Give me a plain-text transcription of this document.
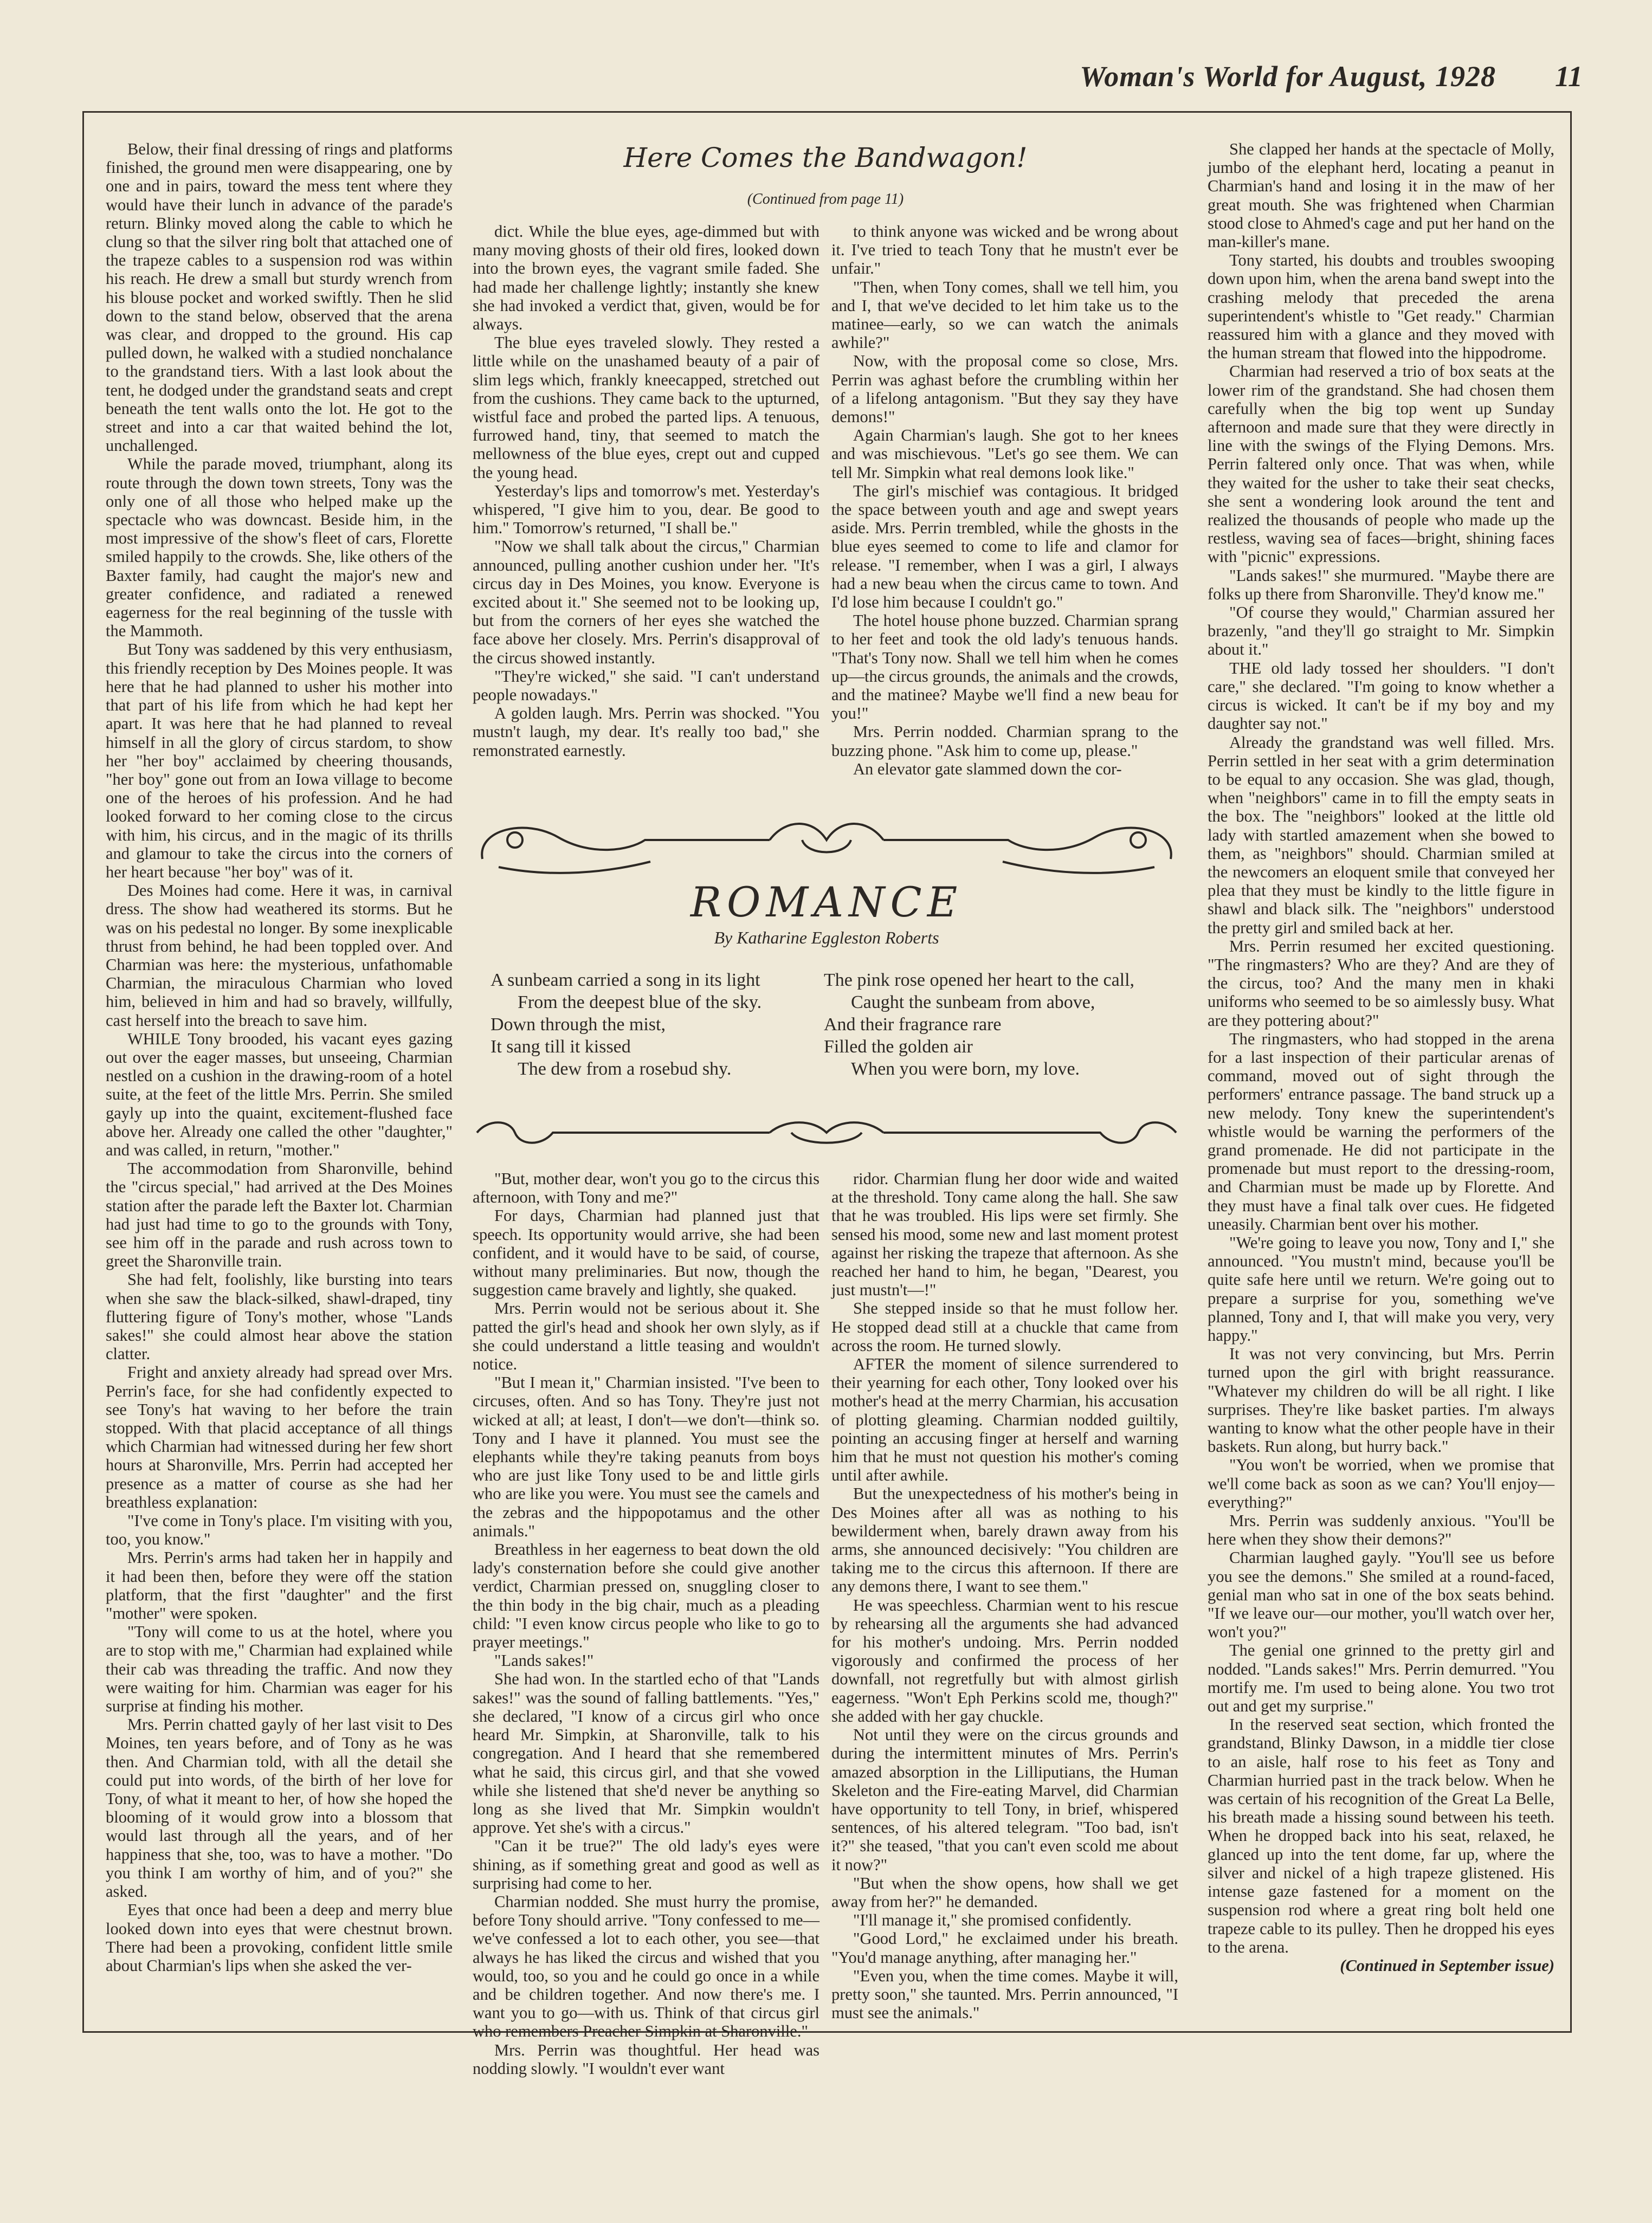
Woman's World for August, 1928 11
Here Comes the Bandwagon!
(Continued from page 11)

Below, their final dressing of rings and platforms finished, the ground men were disappearing, one by one and in pairs, toward the mess tent where they would have their lunch in advance of the parade's return. Blinky moved along the cable to which he clung so that the silver ring bolt that attached one of the trapeze cables to a suspension rod was within his reach. He drew a small but sturdy wrench from his blouse pocket and worked swiftly. Then he slid down to the stand below, observed that the arena was clear, and dropped to the ground. His cap pulled down, he walked with a studied nonchalance to the grandstand tiers. With a last look about the tent, he dodged under the grandstand seats and crept beneath the tent walls onto the lot. He got to the street and into a car that waited behind the lot, unchallenged.

While the parade moved, triumphant, along its route through the down town streets, Tony was the only one of all those who helped make up the spectacle who was downcast. Beside him, in the most impressive of the show's fleet of cars, Florette smiled happily to the crowds. She, like others of the Baxter family, had caught the major's new and greater confidence, and radiated a renewed eagerness for the real beginning of the tussle with the Mammoth.

But Tony was saddened by this very enthusiasm, this friendly reception by Des Moines people. It was here that he had planned to usher his mother into that part of his life from which he had kept her apart. It was here that he had planned to reveal himself in all the glory of circus stardom, to show her "her boy" acclaimed by cheering thousands, "her boy" gone out from an Iowa village to become one of the heroes of his profession. And he had looked forward to her coming close to the circus with him, his circus, and in the magic of its thrills and glamour to take the circus into the corners of her heart because "her boy" was of it.

Des Moines had come. Here it was, in carnival dress. The show had weathered its storms. But he was on his pedestal no longer. By some inexplicable thrust from behind, he had been toppled over. And Charmian was here: the mysterious, unfathomable Charmian, the miraculous Charmian who loved him, believed in him and had so bravely, willfully, cast herself into the breach to save him.

WHILE Tony brooded, his vacant eyes gazing out over the eager masses, but unseeing, Charmian nestled on a cushion in the drawing-room of a hotel suite, at the feet of the little Mrs. Perrin. She smiled gayly up into the quaint, excitement-flushed face above her. Already one called the other "daughter," and was called, in return, "mother."

The accommodation from Sharonville, behind the "circus special," had arrived at the Des Moines station after the parade left the Baxter lot. Charmian had just had time to go to the grounds with Tony, see him off in the parade and rush across town to greet the Sharonville train.

She had felt, foolishly, like bursting into tears when she saw the black-silked, shawl-draped, tiny fluttering figure of Tony's mother, whose "Lands sakes!" she could almost hear above the station clatter.

Fright and anxiety already had spread over Mrs. Perrin's face, for she had confidently expected to see Tony's hat waving to her before the train stopped. With that placid acceptance of all things which Charmian had witnessed during her few short hours at Sharonville, Mrs. Perrin had accepted her presence as a matter of course as she had her breathless explanation:

"I've come in Tony's place. I'm visiting with you, too, you know."

Mrs. Perrin's arms had taken her in happily and it had been then, before they were off the station platform, that the first "daughter" and the first "mother" were spoken.

"Tony will come to us at the hotel, where you are to stop with me," Charmian had explained while their cab was threading the traffic. And now they were waiting for him. Charmian was eager for his surprise at finding his mother.

Mrs. Perrin chatted gayly of her last visit to Des Moines, ten years before, and of Tony as he was then. And Charmian told, with all the detail she could put into words, of the birth of her love for Tony, of what it meant to her, of how she hoped the blooming of it would grow into a blossom that would last through all the years, and of her happiness that she, too, was to have a mother. "Do you think I am worthy of him, and of you?" she asked.

Eyes that once had been a deep and merry blue looked down into eyes that were chestnut brown. There had been a provoking, confident little smile about Charmian's lips when she asked the ver-

dict. While the blue eyes, age-dimmed but with many moving ghosts of their old fires, looked down into the brown eyes, the vagrant smile faded. She had made her challenge lightly; instantly she knew she had invoked a verdict that, given, would be for always.

The blue eyes traveled slowly. They rested a little while on the unashamed beauty of a pair of slim legs which, frankly kneecapped, stretched out from the cushions. They came back to the upturned, wistful face and probed the parted lips. A tenuous, furrowed hand, tiny, that seemed to match the mellowness of the blue eyes, crept out and cupped the young head.

Yesterday's lips and tomorrow's met. Yesterday's whispered, "I give him to you, dear. Be good to him." Tomorrow's returned, "I shall be."

"Now we shall talk about the circus," Charmian announced, pulling another cushion under her. "It's circus day in Des Moines, you know. Everyone is excited about it." She seemed not to be looking up, but from the corners of her eyes she watched the face above her closely. Mrs. Perrin's disapproval of the circus showed instantly.

"They're wicked," she said. "I can't understand people nowadays."

A golden laugh. Mrs. Perrin was shocked. "You mustn't laugh, my dear. It's really too bad," she remonstrated earnestly.

to think anyone was wicked and be wrong about it. I've tried to teach Tony that he mustn't ever be unfair."

"Then, when Tony comes, shall we tell him, you and I, that we've decided to let him take us to the matinee—early, so we can watch the animals awhile?"

Now, with the proposal come so close, Mrs. Perrin was aghast before the crumbling within her of a lifelong antagonism. "But they say they have demons!"

Again Charmian's laugh. She got to her knees and was mischievous. "Let's go see them. We can tell Mr. Simpkin what real demons look like."

The girl's mischief was contagious. It bridged the space between youth and age and swept years aside. Mrs. Perrin trembled, while the ghosts in the blue eyes seemed to come to life and clamor for release. "I remember, when I was a girl, I always had a new beau when the circus came to town. And I'd lose him because I couldn't go."

The hotel house phone buzzed. Charmian sprang to her feet and took the old lady's tenuous hands. "That's Tony now. Shall we tell him when he comes up—the circus grounds, the animals and the crowds, and the matinee? Maybe we'll find a new beau for you!"

Mrs. Perrin nodded. Charmian sprang to the buzzing phone. "Ask him to come up, please."

An elevator gate slammed down the cor-

She clapped her hands at the spectacle of Molly, jumbo of the elephant herd, locating a peanut in Charmian's hand and losing it in the maw of her great mouth. She was frightened when Charmian stood close to Ahmed's cage and put her hand on the man-killer's mane.

Tony started, his doubts and troubles swooping down upon him, when the arena band swept into the crashing melody that preceded the arena superintendent's whistle to "Get ready." Charmian reassured him with a glance and they moved with the human stream that flowed into the hippodrome.

Charmian had reserved a trio of box seats at the lower rim of the grandstand. She had chosen them carefully when the big top went up Sunday afternoon and made sure that they were directly in line with the swings of the Flying Demons. Mrs. Perrin faltered only once. That was when, while they waited for the usher to take their seat checks, she sent a wondering look around the tent and realized the thousands of people who made up the restless, waving sea of faces—bright, shining faces with "picnic" expressions.

"Lands sakes!" she murmured. "Maybe there are folks up there from Sharonville. They'd know me."

"Of course they would," Charmian assured her brazenly, "and they'll go straight to Mr. Simpkin about it."

THE old lady tossed her shoulders. "I don't care," she declared. "I'm going to know whether a circus is wicked. It can't be if my boy and my daughter say not."

Already the grandstand was well filled. Mrs. Perrin settled in her seat with a grim determination to be equal to any occasion. She was glad, though, when "neighbors" came in to fill the empty seats in the box. The "neighbors" looked at the little old lady with startled amazement when she bowed to them, as "neighbors" should. Charmian smiled at the newcomers an eloquent smile that conveyed her plea that they must be kindly to the little figure in shawl and black silk. The "neighbors" understood the pretty girl and smiled back at her.

Mrs. Perrin resumed her excited questioning. "The ringmasters? Who are they? And are they of the circus, too? And the many men in khaki uniforms who seemed to be so aimlessly busy. What are they pottering about?"

The ringmasters, who had stopped in the arena for a last inspection of their particular arenas of command, moved out of sight through the performers' entrance passage. The band struck up a new melody. Tony knew the superintendent's whistle would be warning the performers of the grand promenade. He did not participate in the promenade but must report to the dressing-room, and Charmian must be made up by Florette. And they must have a final talk over cues. He fidgeted uneasily. Charmian bent over his mother.

"We're going to leave you now, Tony and I," she announced. "You mustn't mind, because you'll be quite safe here until we return. We're going out to prepare a surprise for you, something we've planned, Tony and I, that will make you very, very happy."

It was not very convincing, but Mrs. Perrin turned upon the girl with bright reassurance. "Whatever my children do will be all right. I like surprises. They're like basket parties. I'm always wanting to know what the other people have in their baskets. Run along, but hurry back."

"You won't be worried, when we promise that we'll come back as soon as we can? You'll enjoy—everything?"

Mrs. Perrin was suddenly anxious. "You'll be here when they show their demons?"

Charmian laughed gayly. "You'll see us before you see the demons." She smiled at a round-faced, genial man who sat in one of the box seats behind. "If we leave our—our mother, you'll watch over her, won't you?"

The genial one grinned to the pretty girl and nodded. "Lands sakes!" Mrs. Perrin demurred. "You mortify me. I'm used to being alone. You two trot out and get my surprise."

In the reserved seat section, which fronted the grandstand, Blinky Dawson, in a middle tier close to an aisle, half rose to his feet as Tony and Charmian hurried past in the track below. When he was certain of his recognition of the Great La Belle, his breath made a hissing sound between his teeth. When he dropped back into his seat, relaxed, he glanced up into the tent dome, far up, where the silver and nickel of a high trapeze glistened. His intense gaze fastened for a moment on the suspension rod where a great ring bolt held one trapeze cable to its pulley. Then he dropped his eyes to the arena.

(Continued in September issue)

"But, mother dear, won't you go to the circus this afternoon, with Tony and me?"

For days, Charmian had planned just that speech. Its opportunity would arrive, she had been confident, and it would have to be said, of course, without many preliminaries. But now, though the suggestion came bravely and lightly, she quaked.

Mrs. Perrin would not be serious about it. She patted the girl's head and shook her own slyly, as if she could understand a little teasing and wouldn't notice.

"But I mean it," Charmian insisted. "I've been to circuses, often. And so has Tony. They're just not wicked at all; at least, I don't—we don't—think so. Tony and I have it planned. You must see the elephants while they're taking peanuts from boys who are just like Tony used to be and little girls who are like you were. You must see the camels and the zebras and the hippopotamus and the other animals."

Breathless in her eagerness to beat down the old lady's consternation before she could give another verdict, Charmian pressed on, snuggling closer to the thin body in the big chair, much as a pleading child: "I even know circus people who like to go to prayer meetings."

"Lands sakes!"

She had won. In the startled echo of that "Lands sakes!" was the sound of falling battlements. "Yes," she declared, "I know of a circus girl who once heard Mr. Simpkin, at Sharonville, talk to his congregation. And I heard that she remembered what he said, this circus girl, and that she vowed while she listened that she'd never be anything so long as she lived that Mr. Simpkin wouldn't approve. Yet she's with a circus."

"Can it be true?" The old lady's eyes were shining, as if something great and good as well as surprising had come to her.

Charmian nodded. She must hurry the promise, before Tony should arrive. "Tony confessed to me—we've confessed a lot to each other, you see—that always he has liked the circus and wished that you would, too, so you and he could go once in a while and be children together. And now there's me. I want you to go—with us. Think of that circus girl who remembers Preacher Simpkin at Sharonville."

Mrs. Perrin was thoughtful. Her head was nodding slowly. "I wouldn't ever want

ridor. Charmian flung her door wide and waited at the threshold. Tony came along the hall. She saw that he was troubled. His lips were set firmly. She sensed his mood, some new and last moment protest against her risking the trapeze that afternoon. As she reached her hand to him, he began, "Dearest, you just mustn't—!"

She stepped inside so that he must follow her. He stopped dead still at a chuckle that came from across the room. He turned slowly.

AFTER the moment of silence surrendered to their yearning for each other, Tony looked over his mother's head at the merry Charmian, his accusation of plotting gleaming. Charmian nodded guiltily, pointing an accusing finger at herself and warning him that he must not question his mother's coming until after awhile.

But the unexpectedness of his mother's being in Des Moines after all was as nothing to his bewilderment when, barely drawn away from his arms, she announced decisively: "You children are taking me to the circus this afternoon. If there are any demons there, I want to see them."

He was speechless. Charmian went to his rescue by rehearsing all the arguments she had advanced for his mother's undoing. Mrs. Perrin nodded vigorously and confirmed the process of her downfall, not regretfully but with almost girlish eagerness. "Won't Eph Perkins scold me, though?" she added with her gay chuckle.

Not until they were on the circus grounds and during the intermittent minutes of Mrs. Perrin's amazed absorption in the Lilliputians, the Human Skeleton and the Fire-eating Marvel, did Charmian have opportunity to tell Tony, in brief, whispered sentences, of his altered telegram. "Too bad, isn't it?" she teased, "that you can't even scold me about it now?"

"But when the show opens, how shall we get away from her?" he demanded.

"I'll manage it," she promised confidently.

"Good Lord," he exclaimed under his breath. "You'd manage anything, after managing her."

"Even you, when the time comes. Maybe it will, pretty soon," she taunted. Mrs. Perrin announced, "I must see the animals."

ROMANCE
By Katharine Eggleston Roberts
A sunbeam carried a song in its light
From the deepest blue of the sky.
Down through the mist,
It sang till it kissed
The dew from a rosebud shy.
The pink rose opened her heart to the call,
Caught the sunbeam from above,
And their fragrance rare
Filled the golden air
When you were born, my love.
